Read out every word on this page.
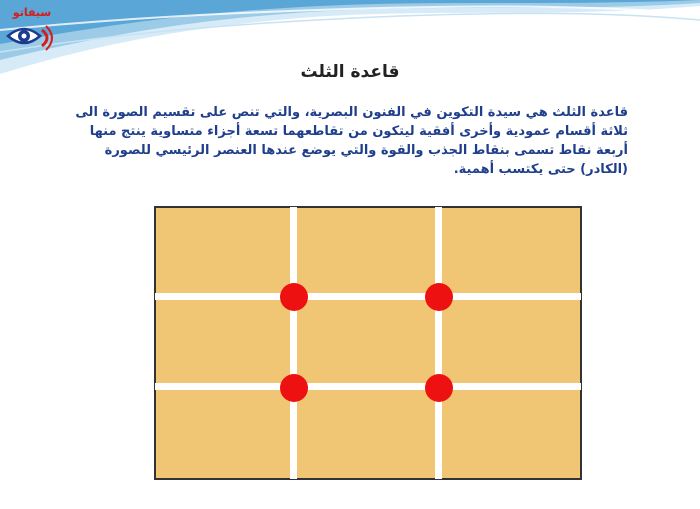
سيفاتو
قاعدة الثلث
قاعدة الثلث هي سيدة التكوين في الفنون البصرية، والتي تنص على تقسيم الصورة الى ثلاثة أقسام عمودية وأخرى أفقية ليتكون من تقاطعهما تسعة أجزاء متساوية ينتج منها أربعة نقاط تسمى بنقاط الجذب والقوة والتي يوضع عندها العنصر الرئيسي للصورة (الكادر) حتى يكتسب أهمية.
